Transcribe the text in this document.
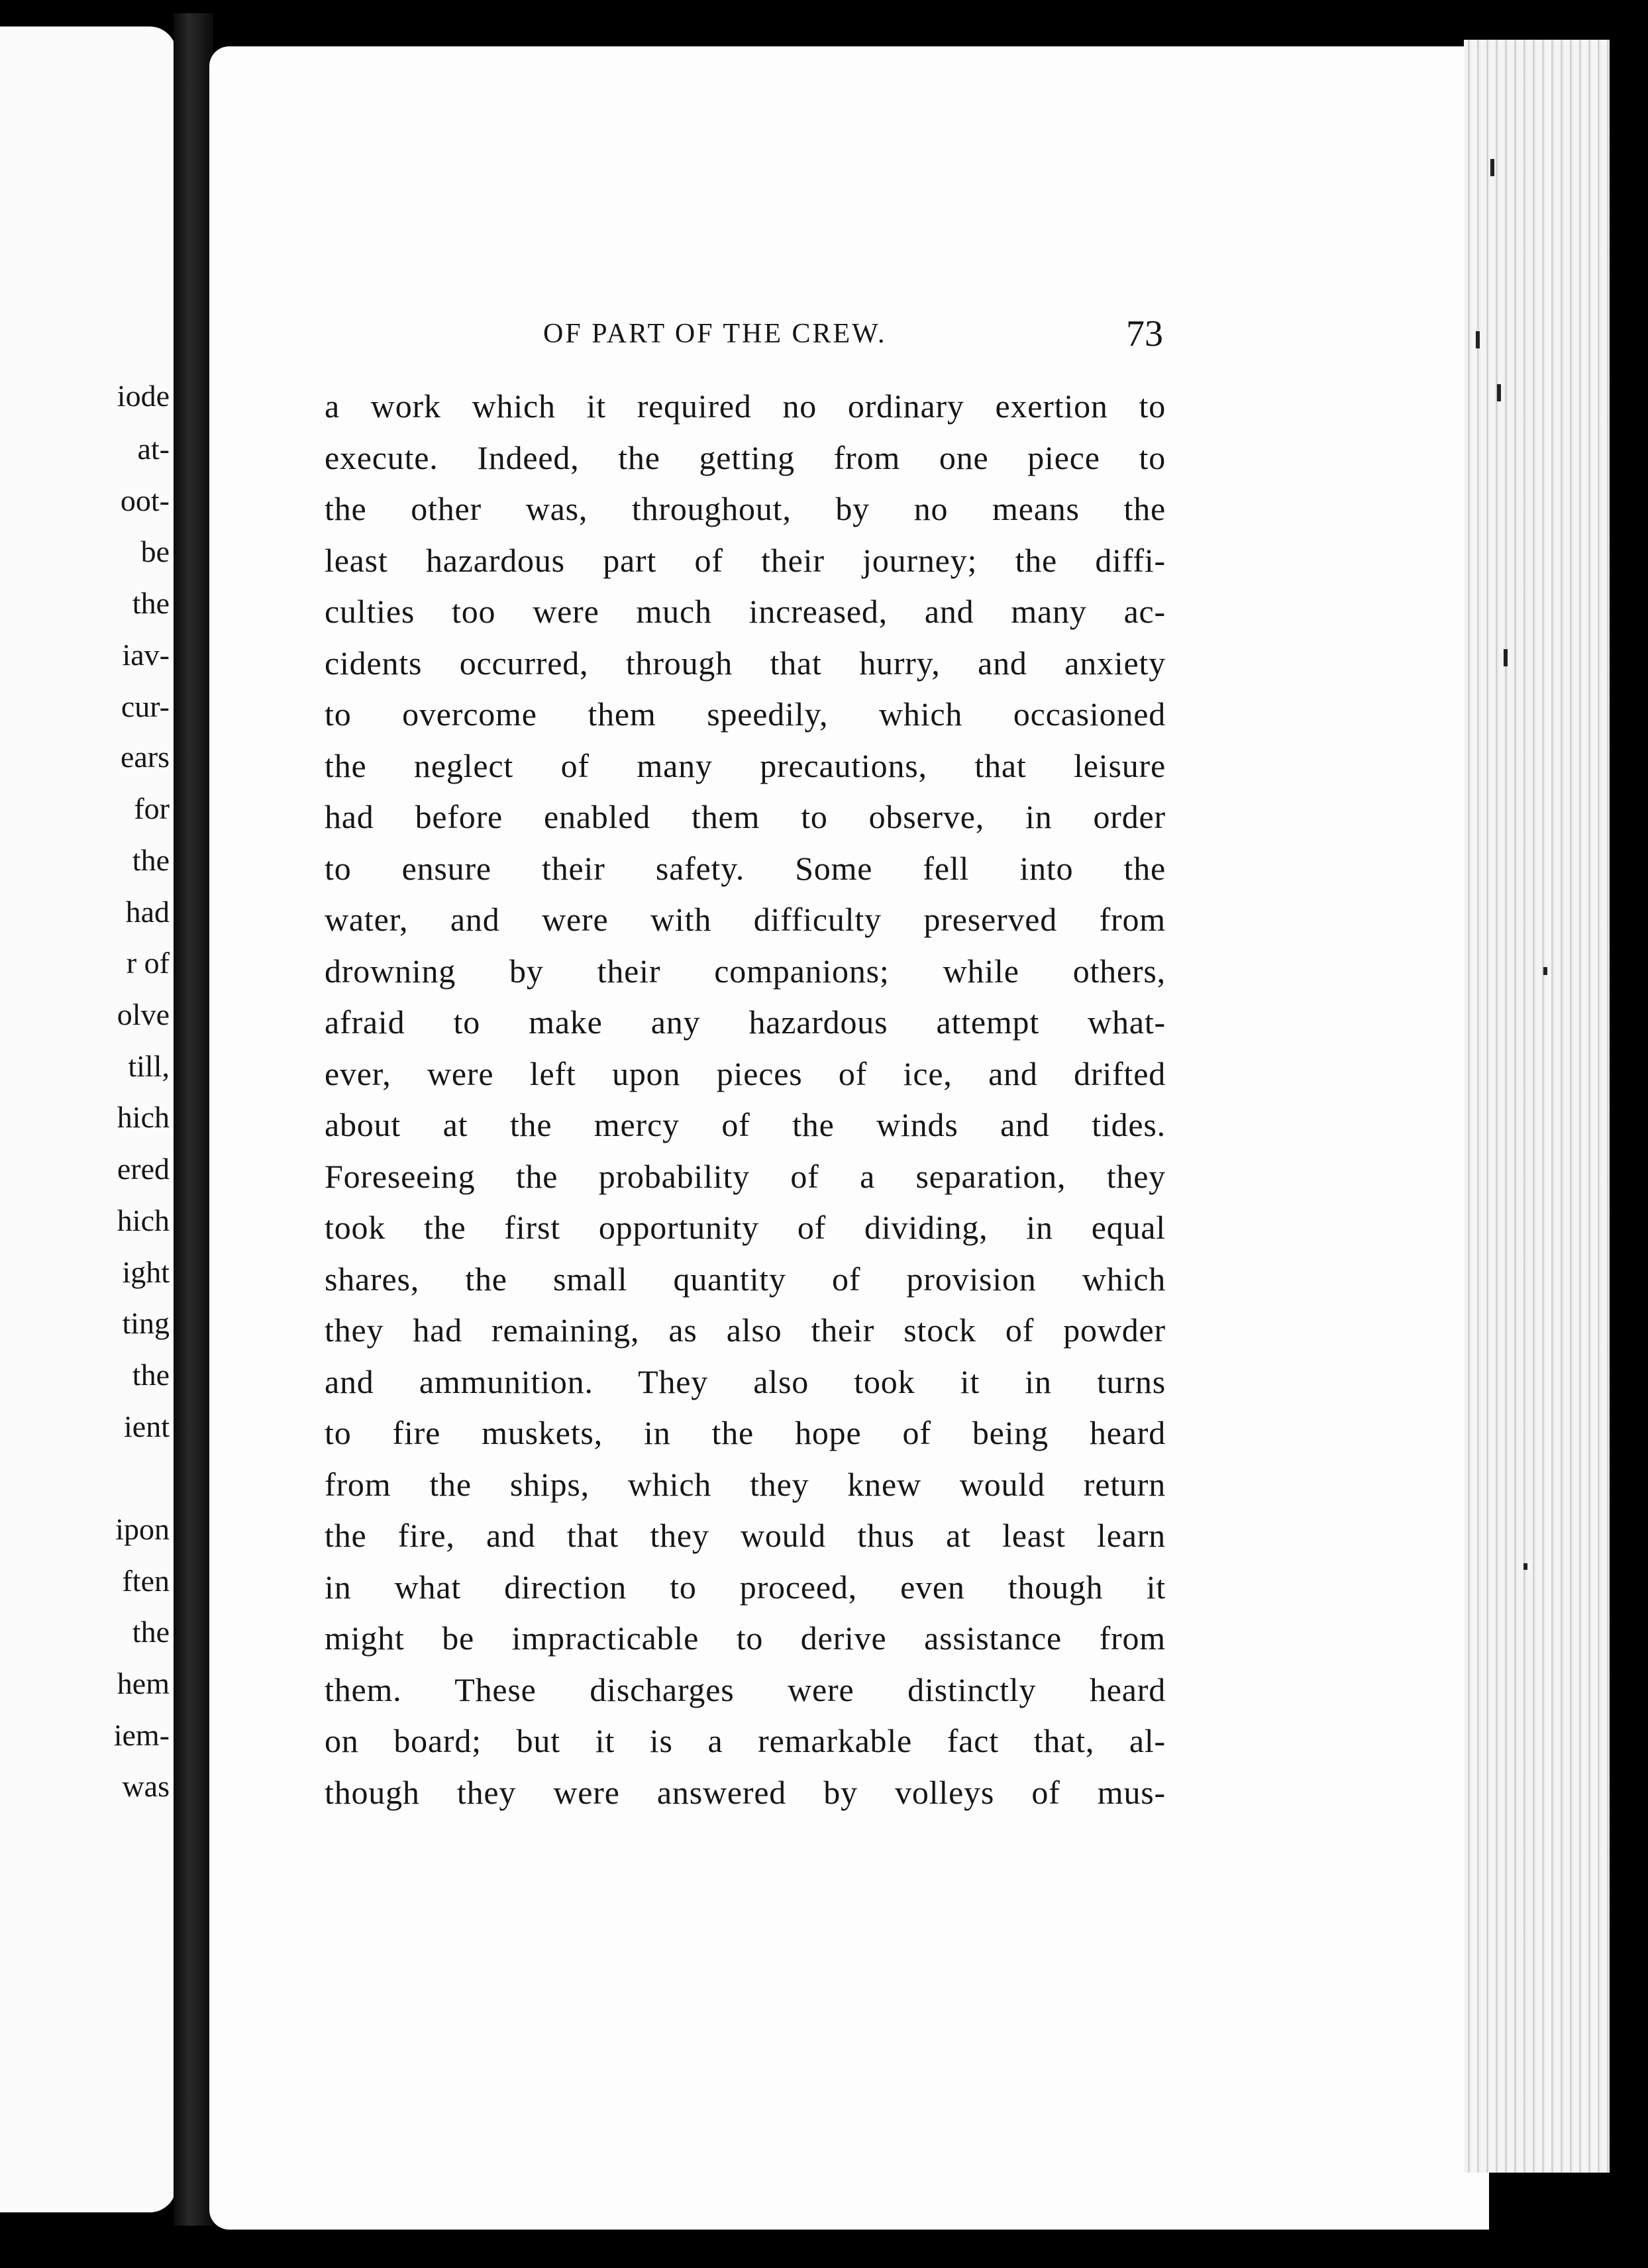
iode
at-
oot-
be
the
iav-
cur-
ears
for
the
had
r of
olve
till,
hich
ered
hich
ight
ting
the
ient
ipon
ften
the
hem
iem-
was
OF PART OF THE CREW.	73
a work which it required no ordinary exertion to
execute. Indeed, the getting from one piece to
the other was, throughout, by no means the
least hazardous part of their journey; the diffi-
culties too were much increased, and many ac-
cidents occurred, through that hurry, and anxiety
to overcome them speedily, which occasioned
the neglect of many precautions, that leisure
had before enabled them to observe, in order
to ensure their safety. Some fell into the
water, and were with difficulty preserved from
drowning by their companions; while others,
afraid to make any hazardous attempt what-
ever, were left upon pieces of ice, and drifted
about at the mercy of the winds and tides.
Foreseeing the probability of a separation, they
took the first opportunity of dividing, in equal
shares, the small quantity of provision which
they had remaining, as also their stock of powder
and ammunition. They also took it in turns
to fire muskets, in the hope of being heard
from the ships, which they knew would return
the fire, and that they would thus at least learn
in what direction to proceed, even though it
might be impracticable to derive assistance from
them. These discharges were distinctly heard
on board; but it is a remarkable fact that, al-
though they were answered by volleys of mus-
